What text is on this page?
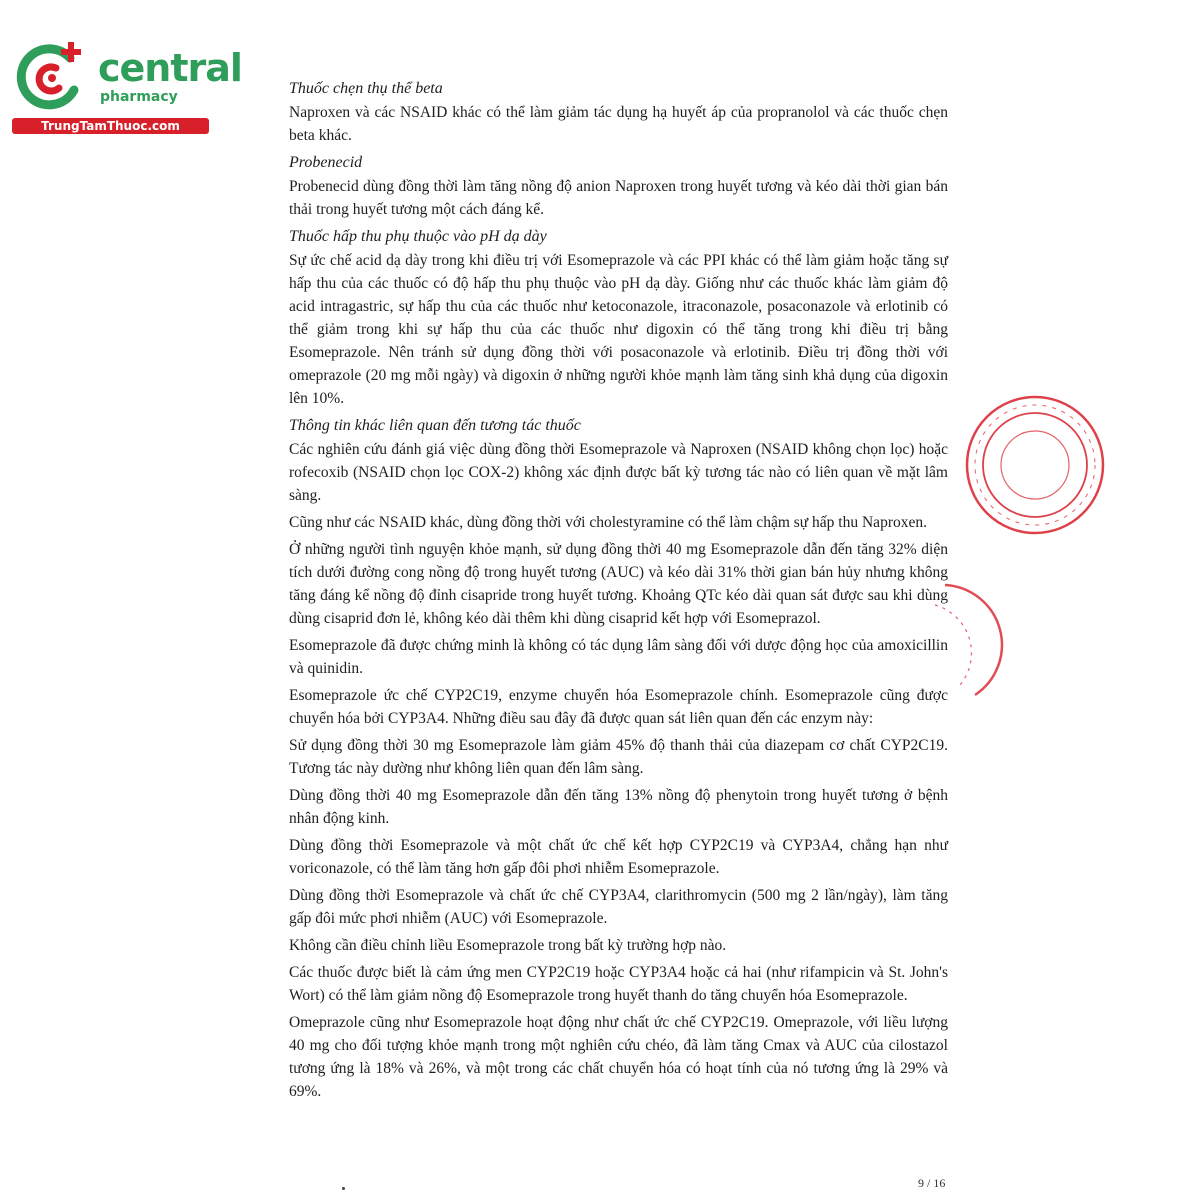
central
pharmacy
TrungTamThuoc.com
Thuốc chẹn thụ thể beta

Naproxen và các NSAID khác có thể làm giảm tác dụng hạ huyết áp của propranolol và các thuốc chẹn beta khác.

Probenecid

Probenecid dùng đồng thời làm tăng nồng độ anion Naproxen trong huyết tương và kéo dài thời gian bán thải trong huyết tương một cách đáng kể.

Thuốc hấp thu phụ thuộc vào pH dạ dày

Sự ức chế acid dạ dày trong khi điều trị với Esomeprazole và các PPI khác có thể làm giảm hoặc tăng sự hấp thu của các thuốc có độ hấp thu phụ thuộc vào pH dạ dày. Giống như các thuốc khác làm giảm độ acid intragastric, sự hấp thu của các thuốc như ketoconazole, itraconazole, posaconazole và erlotinib có thể giảm trong khi sự hấp thu của các thuốc như digoxin có thể tăng trong khi điều trị bằng Esomeprazole. Nên tránh sử dụng đồng thời với posaconazole và erlotinib. Điều trị đồng thời với omeprazole (20 mg mỗi ngày) và digoxin ở những người khỏe mạnh làm tăng sinh khả dụng của digoxin lên 10%.

Thông tin khác liên quan đến tương tác thuốc

Các nghiên cứu đánh giá việc dùng đồng thời Esomeprazole và Naproxen (NSAID không chọn lọc) hoặc rofecoxib (NSAID chọn lọc COX-2) không xác định được bất kỳ tương tác nào có liên quan về mặt lâm sàng.

Cũng như các NSAID khác, dùng đồng thời với cholestyramine có thể làm chậm sự hấp thu Naproxen.

Ở những người tình nguyện khỏe mạnh, sử dụng đồng thời 40 mg Esomeprazole dẫn đến tăng 32% diện tích dưới đường cong nồng độ trong huyết tương (AUC) và kéo dài 31% thời gian bán hủy nhưng không tăng đáng kể nồng độ đỉnh cisapride trong huyết tương. Khoảng QTc kéo dài quan sát được sau khi dùng dùng cisaprid đơn lẻ, không kéo dài thêm khi dùng cisaprid kết hợp với Esomeprazol.

Esomeprazole đã được chứng minh là không có tác dụng lâm sàng đối với dược động học của amoxicillin và quinidin.

Esomeprazole ức chế CYP2C19, enzyme chuyển hóa Esomeprazole chính. Esomeprazole cũng được chuyển hóa bởi CYP3A4. Những điều sau đây đã được quan sát liên quan đến các enzym này:

Sử dụng đồng thời 30 mg Esomeprazole làm giảm 45% độ thanh thải của diazepam cơ chất CYP2C19. Tương tác này dường như không liên quan đến lâm sàng.

Dùng đồng thời 40 mg Esomeprazole dẫn đến tăng 13% nồng độ phenytoin trong huyết tương ở bệnh nhân động kinh.

Dùng đồng thời Esomeprazole và một chất ức chế kết hợp CYP2C19 và CYP3A4, chẳng hạn như voriconazole, có thể làm tăng hơn gấp đôi phơi nhiễm Esomeprazole.

Dùng đồng thời Esomeprazole và chất ức chế CYP3A4, clarithromycin (500 mg 2 lần/ngày), làm tăng gấp đôi mức phơi nhiễm (AUC) với Esomeprazole.

Không cần điều chỉnh liều Esomeprazole trong bất kỳ trường hợp nào.

Các thuốc được biết là cảm ứng men CYP2C19 hoặc CYP3A4 hoặc cả hai (như rifampicin và St. John's Wort) có thể làm giảm nồng độ Esomeprazole trong huyết thanh do tăng chuyển hóa Esomeprazole.

Omeprazole cũng như Esomeprazole hoạt động như chất ức chế CYP2C19. Omeprazole, với liều lượng 40 mg cho đối tượng khỏe mạnh trong một nghiên cứu chéo, đã làm tăng Cmax và AUC của cilostazol tương ứng là 18% và 26%, và một trong các chất chuyển hóa có hoạt tính của nó tương ứng là 29% và 69%.

9 / 16
